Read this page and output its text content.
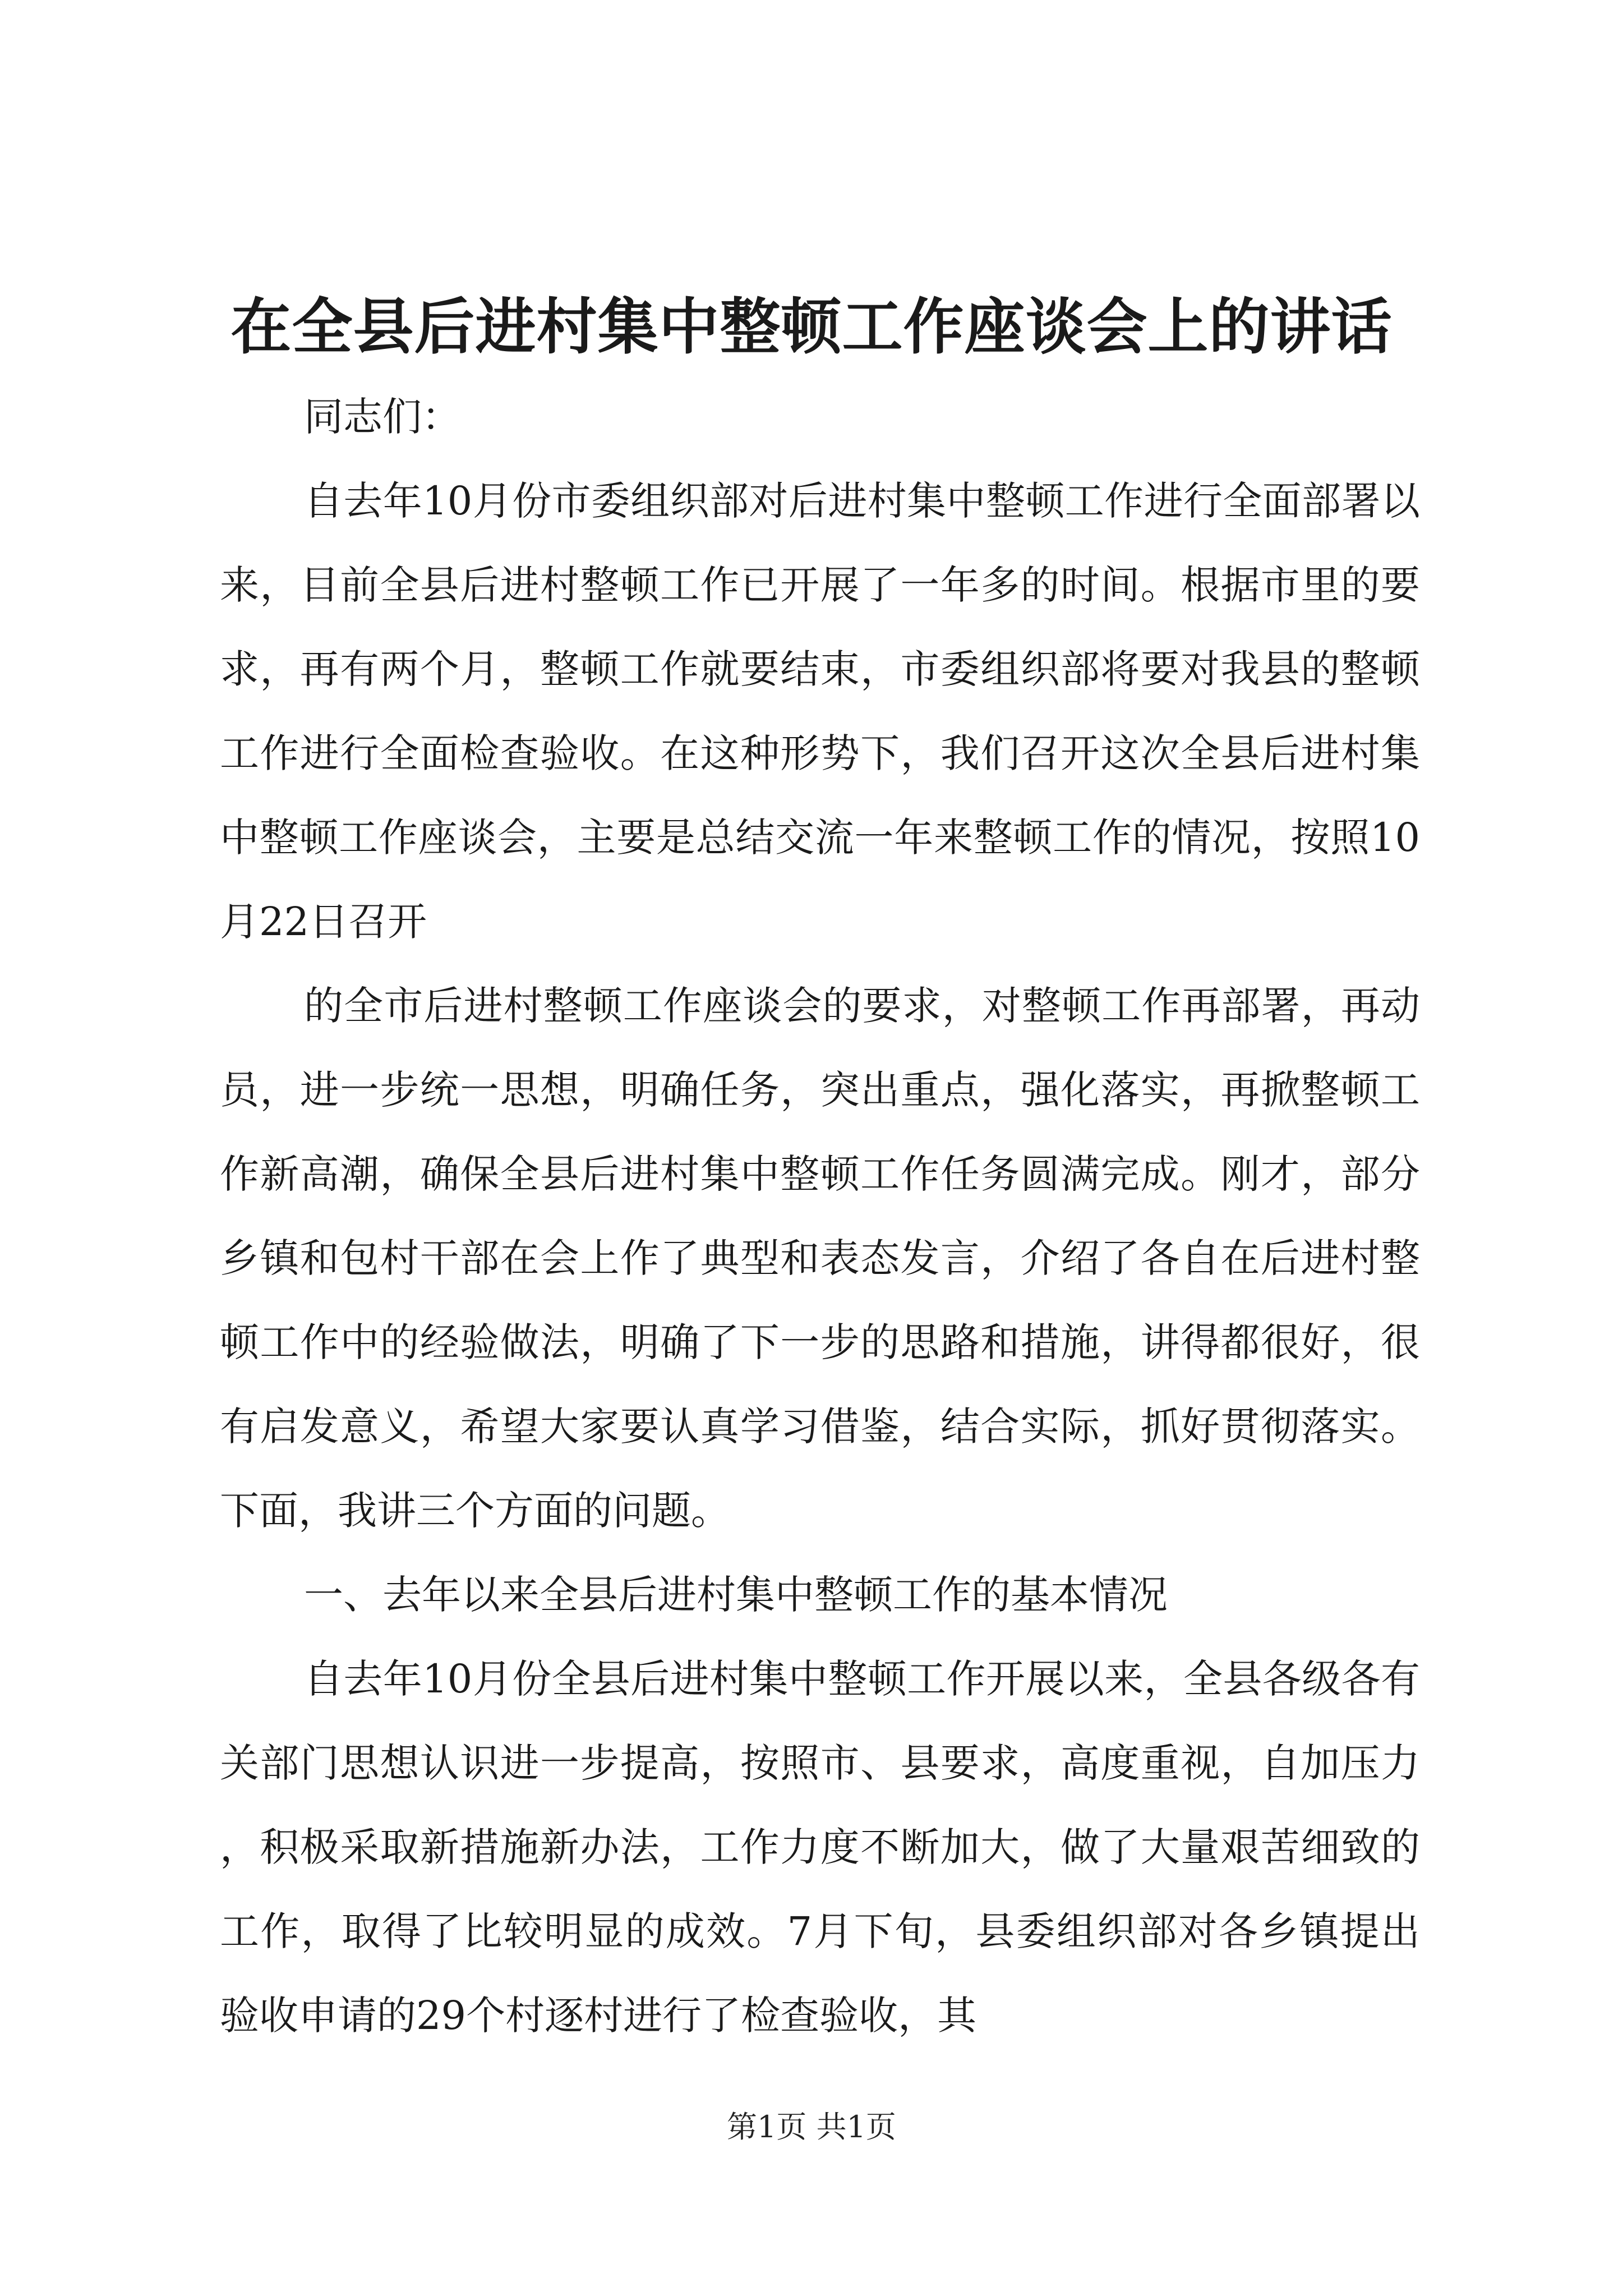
在全县后进村集中整顿工作座谈会上的讲话

同志们：

自去年10月份市委组织部对后进村集中整顿工作进行全面部署以来，目前全县后进村整顿工作已开展了一年多的时间。根据市里的要求，再有两个月，整顿工作就要结束，市委组织部将要对我县的整顿工作进行全面检查验收。在这种形势下，我们召开这次全县后进村集中整顿工作座谈会，主要是总结交流一年来整顿工作的情况，按照10月22日召开

的全市后进村整顿工作座谈会的要求，对整顿工作再部署，再动员，进一步统一思想，明确任务，突出重点，强化落实，再掀整顿工作新高潮，确保全县后进村集中整顿工作任务圆满完成。刚才，部分乡镇和包村干部在会上作了典型和表态发言，介绍了各自在后进村整顿工作中的经验做法，明确了下一步的思路和措施，讲得都很好，很有启发意义，希望大家要认真学习借鉴，结合实际，抓好贯彻落实。下面，我讲三个方面的问题。

一、去年以来全县后进村集中整顿工作的基本情况

自去年10月份全县后进村集中整顿工作开展以来，全县各级各有关部门思想认识进一步提高，按照市、县要求，高度重视，自加压力，积极采取新措施新办法，工作力度不断加大，做了大量艰苦细致的工作，取得了比较明显的成效。7月下旬，县委组织部对各乡镇提出验收申请的29个村逐村进行了检查验收，其

第1页 共1页
